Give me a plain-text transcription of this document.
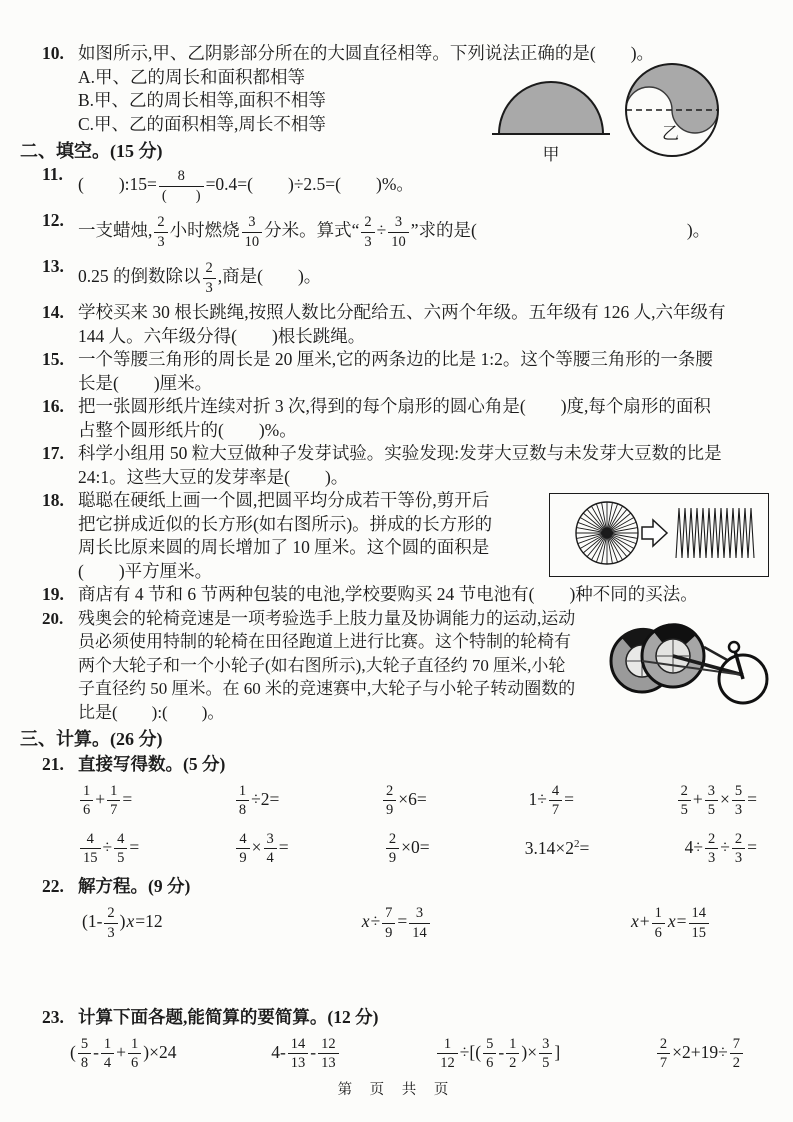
10. 如图所示,甲、乙阴影部分所在的大圆直径相等。下列说法正确的是(　　)。
A.甲、乙的周长和面积都相等
B.甲、乙的周长相等,面积不相等
C.甲、乙的面积相等,周长不相等
二、填空。(15 分)
11.
(　　):15= $\frac{8}{( )} =0.4=$(　　)÷2.5=(　　)%。
12.
一支蜡烛, $\frac{2}{3}$ 小时燃烧 $\frac{3}{10}$ 分米。算式“ $\frac{2}{3} \div \frac{3}{10}$ ”求的是(　　　　　　　　　　　　)。
13.
0.25 的倒数除以 $\frac{2}{3}$ ,商是(　　)。
14. 学校买来 30 根长跳绳,按照人数比分配给五、六两个年级。五年级有 126 人,六年级有
144 人。六年级分得(　　)根长跳绳。
15. 一个等腰三角形的周长是 20 厘米,它的两条边的比是 1:2。这个等腰三角形的一条腰
长是(　　)厘米。
16. 把一张圆形纸片连续对折 3 次,得到的每个扇形的圆心角是(　　)度,每个扇形的面积
占整个圆形纸片的(　　)%。
17. 科学小组用 50 粒大豆做种子发芽试验。实验发现:发芽大豆数与未发芽大豆数的比是
24:1。这些大豆的发芽率是(　　)。
18. 聪聪在硬纸上画一个圆,把圆平均分成若干等份,剪开后
把它拼成近似的长方形(如右图所示)。拼成的长方形的
周长比原来圆的周长增加了 10 厘米。这个圆的面积是
(　　)平方厘米。
19. 商店有 4 节和 6 节两种包装的电池,学校要购买 24 节电池有(　　)种不同的买法。
20. 残奥会的轮椅竞速是一项考验选手上肢力量及协调能力的运动,运动
员必须使用特制的轮椅在田径跑道上进行比赛。这个特制的轮椅有
两个大轮子和一个小轮子(如右图所示),大轮子直径约 70 厘米,小轮
子直径约 50 厘米。在 60 米的竞速赛中,大轮子与小轮子转动圈数的
比是(　　):(　　)。
三、计算。(26 分)
21. 直接写得数。(5 分)
$\frac{1}{6} + \frac{1}{7}$ =	$\frac{1}{8} \div 2=$	$\frac{2}{9} \times 6=$	$1\div \frac{4}{7}$ =	$\frac{2}{5} + \frac{3}{5} \times \frac{5}{3}$ =
$\frac{4}{15} \div \frac{4}{5}$ =	$\frac{4}{9} \times \frac{3}{4}$ =	$\frac{2}{9} \times 0=$	$3.14\times 2^2=$	$4\div \frac{2}{3} \div \frac{2}{3}$ =
22. 解方程。(9 分)
$(1- \frac{2}{3} )x=12$	$x\div \frac{7}{9} = \frac{3}{14}$	$x+ \frac{1}{6} x= \frac{14}{15}$
23. 计算下面各题,能简算的要简算。(12 分)
( $\frac{5}{8} - \frac{1}{4} + \frac{1}{6} )\times 24$	$4- \frac{14}{13} - \frac{12}{13}$	$\frac{1}{12}$ ÷[( $\frac{5}{6} - \frac{1}{2}$ )× $\frac{3}{5}$ ]	$\frac{2}{7} \times 2+19\div \frac{7}{2}$
甲
乙
第 页 共 页
